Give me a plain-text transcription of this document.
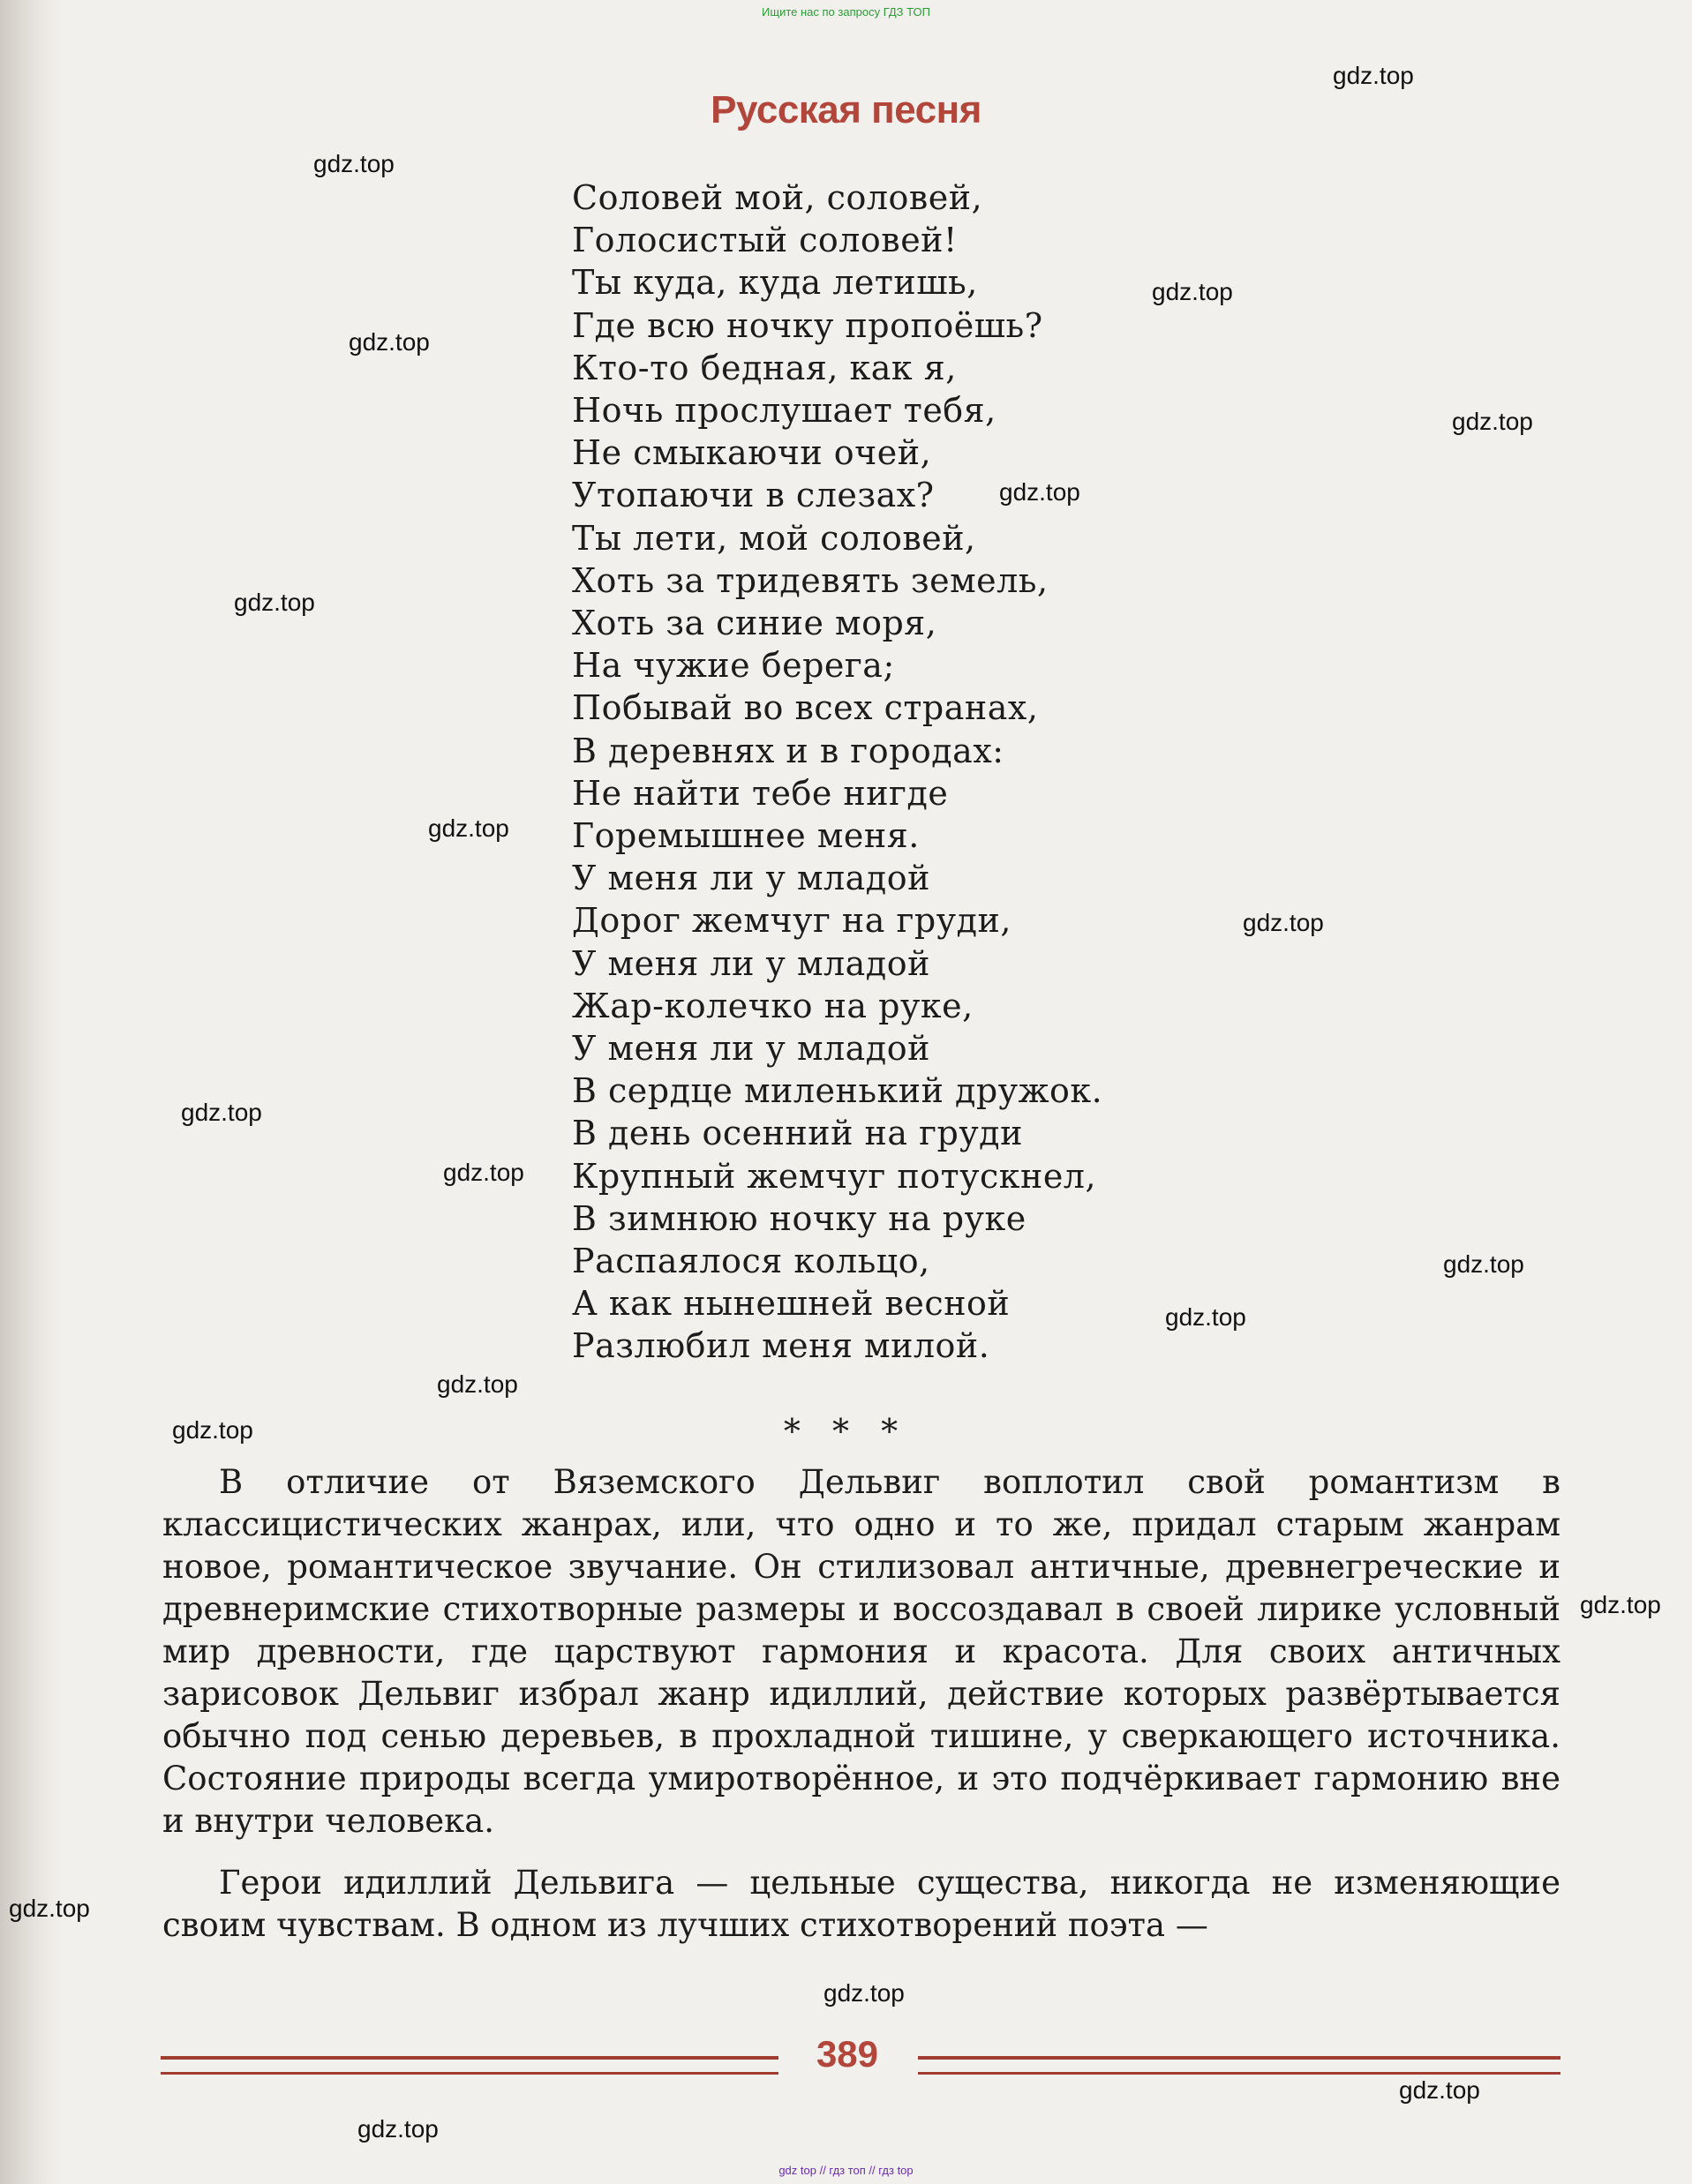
Ищите нас по запросу ГДЗ ТОП
Русская песня
Соловей мой, соловей,
Голосистый соловей!
Ты куда, куда летишь,
Где всю ночку пропоёшь?
Кто-то бедная, как я,
Ночь прослушает тебя,
Не смыкаючи очей,
Утопаючи в слезах?
Ты лети, мой соловей,
Хоть за тридевять земель,
Хоть за синие моря,
На чужие берега;
Побывай во всех странах,
В деревнях и в городах:
Не найти тебе нигде
Горемышнее меня.
У меня ли у младой
Дорог жемчуг на груди,
У меня ли у младой
Жар-колечко на руке,
У меня ли у младой
В сердце миленький дружок.
В день осенний на груди
Крупный жемчуг потускнел,
В зимнюю ночку на руке
Распаялося кольцо,
А как нынешней весной
Разлюбил меня милой.
* * *

В отличие от Вяземского Дельвиг воплотил свой романтизм в классицистических жанрах, или, что одно и то же, придал старым жанрам новое, романтическое звучание. Он стилизовал античные, древнегреческие и древнеримские стихотворные размеры и воссоздавал в своей лирике условный мир древности, где царствуют гармония и красота. Для своих античных зарисовок Дельвиг избрал жанр идиллий, действие которых развёртывается обычно под сенью деревьев, в прохладной тишине, у сверкающего источника. Состояние природы всегда умиротворённое, и это подчёркивает гармонию вне и внутри человека.

Герои идиллий Дельвига — цельные существа, никогда не изменяющие своим чувствам. В одном из лучших стихотворений поэта —

389
gdz top // гдз топ // гдз top
gdz.top
gdz.top
gdz.top
gdz.top
gdz.top
gdz.top
gdz.top
gdz.top
gdz.top
gdz.top
gdz.top
gdz.top
gdz.top
gdz.top
gdz.top
gdz.top
gdz.top
gdz.top
gdz.top
gdz.top
